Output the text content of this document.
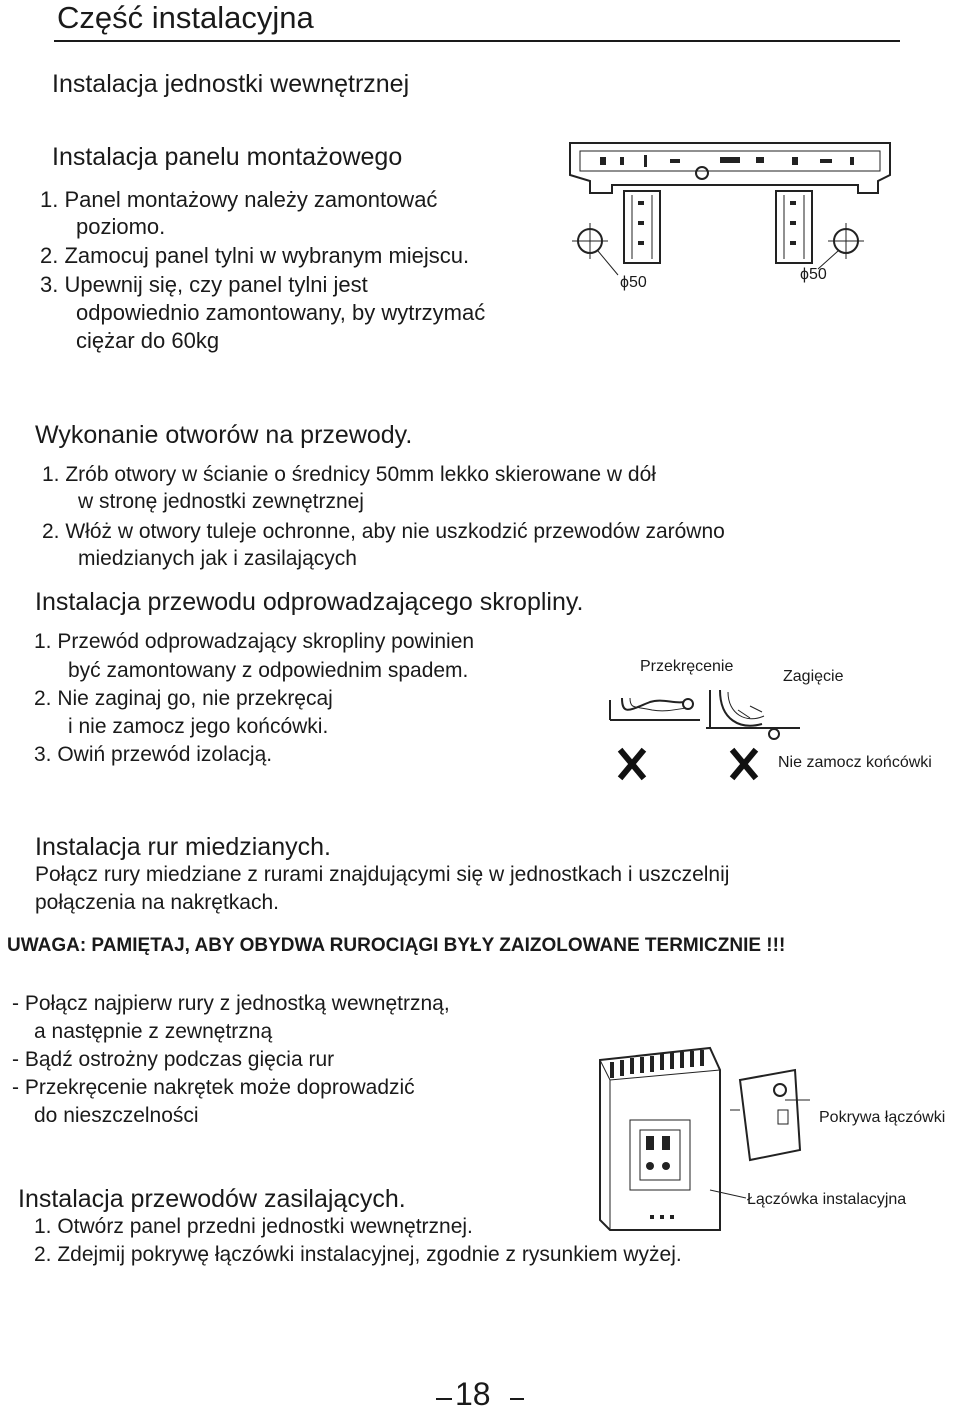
Część instalacyjna
Instalacja jednostki wewnętrznej
Instalacja panelu montażowego
1. Panel montażowy należy zamontować
poziomo.
2. Zamocuj panel tylni w wybranym miejscu.
3. Upewnij się, czy panel tylni jest
odpowiednio zamontowany, by wytrzymać
ciężar do 60kg
ϕ50	ϕ50
Wykonanie otworów na przewody.
1. Zrób otwory w ścianie o średnicy 50mm lekko skierowane w dół
w stronę jednostki zewnętrznej
2. Włóż w otwory tuleje ochronne, aby nie uszkodzić przewodów zarówno
miedzianych jak i zasilających
Instalacja przewodu odprowadzającego skropliny.
1. Przewód odprowadzający skropliny powinien
być zamontowany z odpowiednim spadem.
2. Nie zaginaj go, nie przekręcaj
i nie zamocz jego końcówki.
3. Owiń przewód izolacją.
Przekręcenie
Zagięcie
Nie zamocz końcówki
Instalacja rur miedzianych.
Połącz rury miedziane z rurami znajdującymi się w jednostkach i uszczelnij
połączenia na nakrętkach.
UWAGA: PAMIĘTAJ, ABY OBYDWA RUROCIĄGI BYŁY ZAIZOLOWANE TERMICZNIE !!!
- Połącz najpierw rury z jednostką wewnętrzną,
a następnie z zewnętrzną
- Bądź ostrożny podczas gięcia rur
- Przekręcenie nakrętek może doprowadzić
do nieszczelności	Pokrywa łączówki
Łączówka instalacyjna
Instalacja przewodów zasilających.
1. Otwórz panel przedni jednostki wewnętrznej.
2. Zdejmij pokrywę łączówki instalacyjnej, zgodnie z rysunkiem wyżej.
18
